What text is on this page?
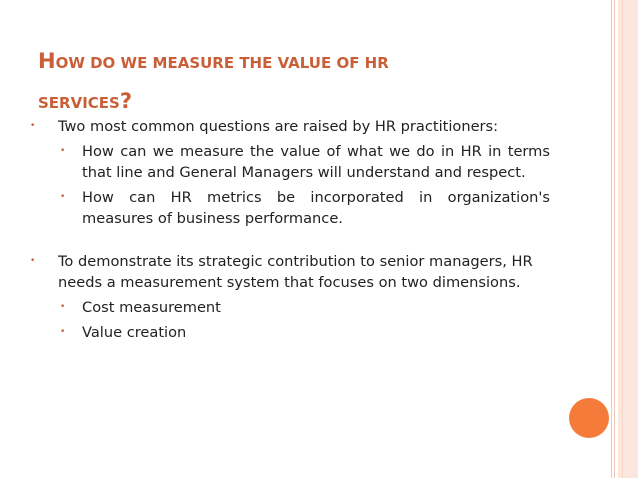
HOW DO WE MEASURE THE VALUE OF HR SERVICES?
• Two most common questions are raised by HR practitioners:
• How can we measure the value of what we do in HR in terms that line and General Managers will understand and respect.
• How can HR metrics be incorporated in organization's measures of business performance.
• To demonstrate its strategic contribution to senior managers, HR needs a measurement system that focuses on two dimensions.
• Cost measurement
• Value creation
